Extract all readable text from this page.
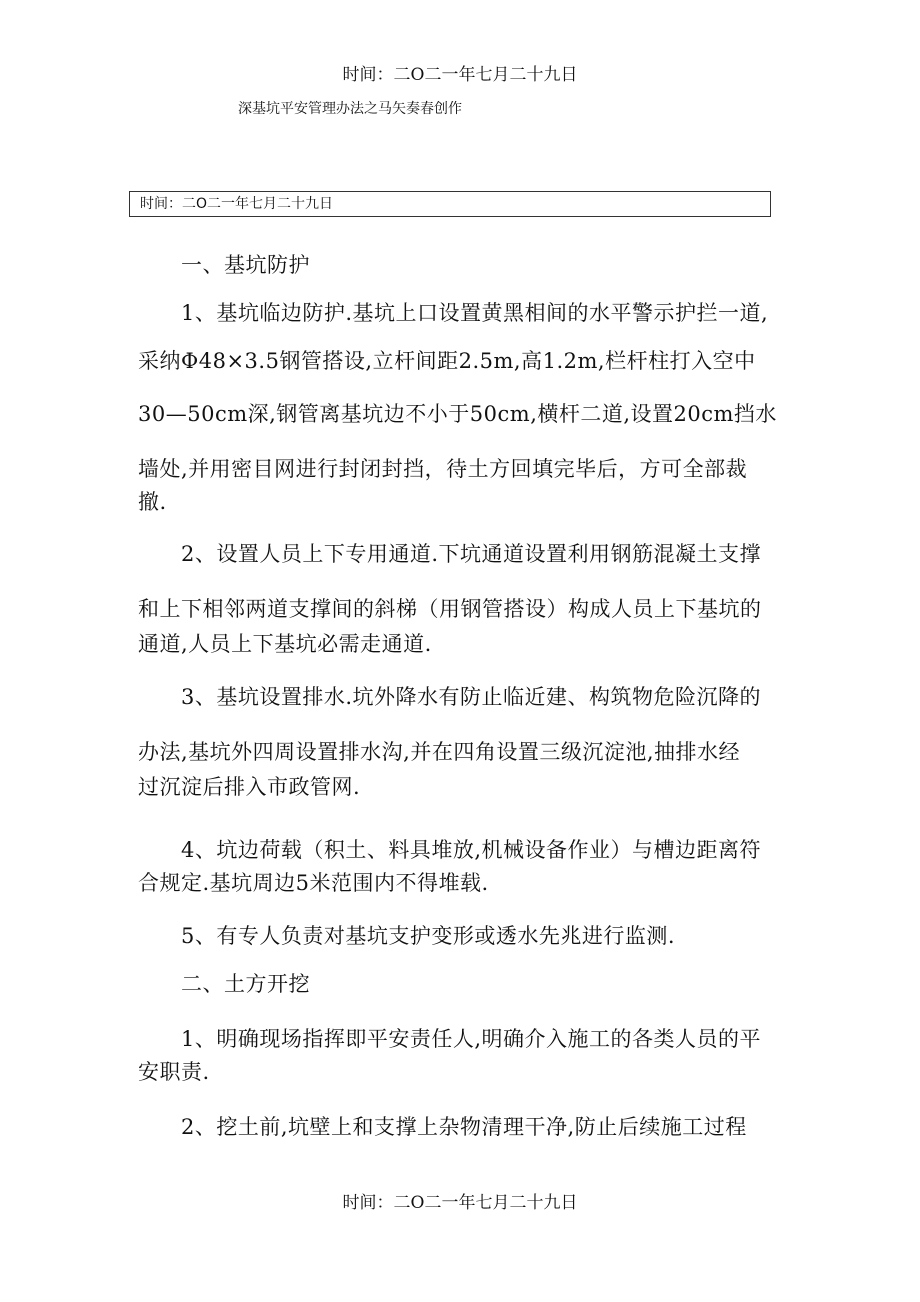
时间：二O二一年七月二十九日
深基坑平安管理办法之马矢奏春创作
时间：二O二一年七月二十九日

一、基坑防护

1、基坑临边防护.基坑上口设置黄黑相间的水平警示护拦一道,

采纳Φ48×3.5钢管搭设,立杆间距2.5m,高1.2m,栏杆柱打入空中

30—50cm深,钢管离基坑边不小于50cm,横杆二道,设置20cm挡水

墙处,并用密目网进行封闭封挡，待土方回填完毕后，方可全部裁

撤.

2、设置人员上下专用通道.下坑通道设置利用钢筋混凝土支撑

和上下相邻两道支撑间的斜梯（用钢管搭设）构成人员上下基坑的

通道,人员上下基坑必需走通道.

3、基坑设置排水.坑外降水有防止临近建、构筑物危险沉降的

办法,基坑外四周设置排水沟,并在四角设置三级沉淀池,抽排水经

过沉淀后排入市政管网.

4、坑边荷载（积土、料具堆放,机械设备作业）与槽边距离符

合规定.基坑周边5米范围内不得堆载.

5、有专人负责对基坑支护变形或透水先兆进行监测.

二、土方开挖

1、明确现场指挥即平安责任人,明确介入施工的各类人员的平

安职责.

2、挖土前,坑壁上和支撑上杂物清理干净,防止后续施工过程

时间：二O二一年七月二十九日
